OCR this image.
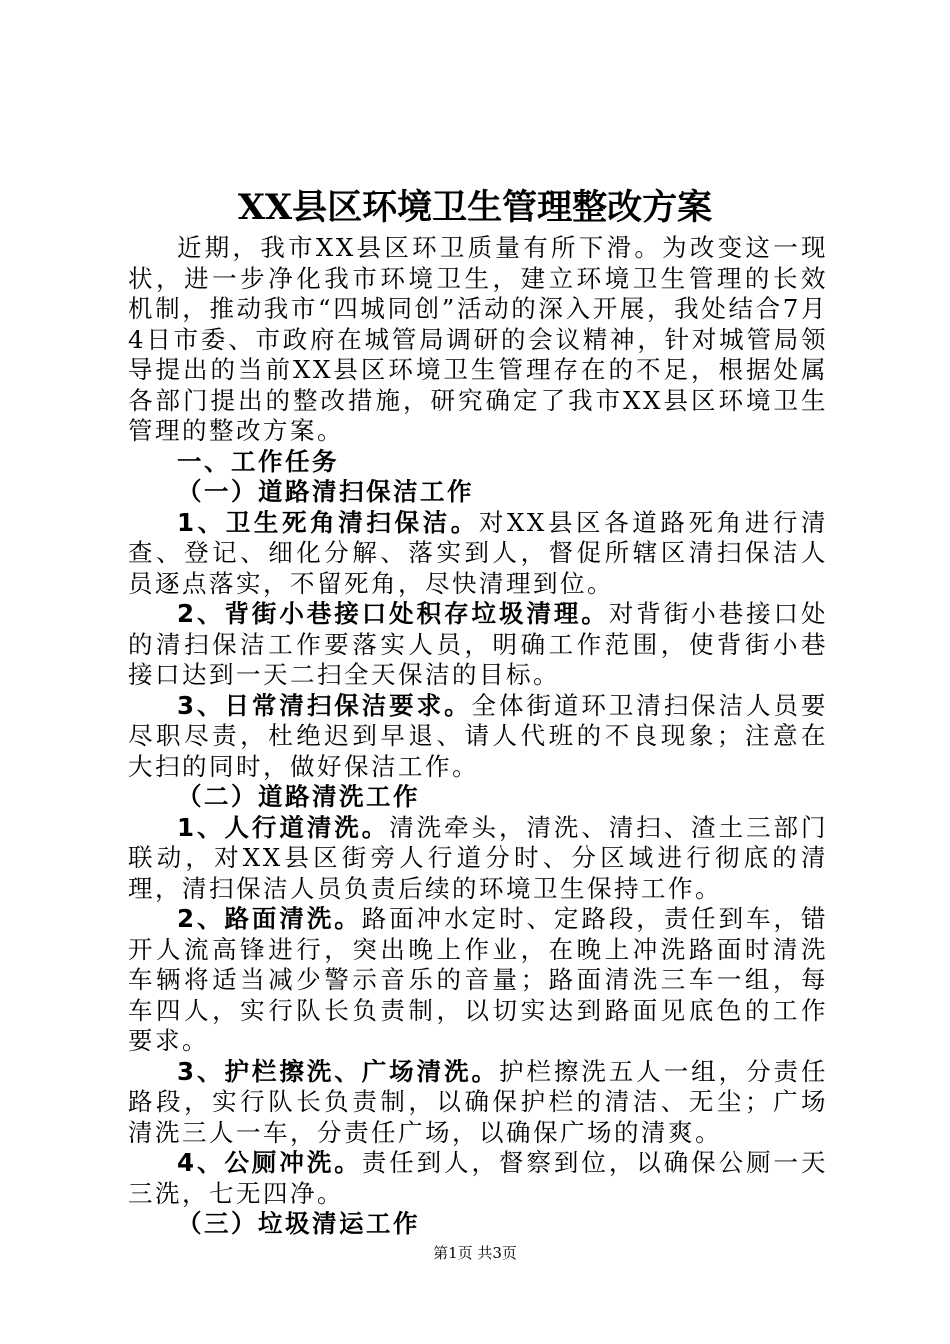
XX县区环境卫生管理整改方案

近期，我市XX县区环卫质量有所下滑。为改变这一现状，进一步净化我市环境卫生，建立环境卫生管理的长效机制，推动我市“四城同创”活动的深入开展，我处结合7月4日市委、市政府在城管局调研的会议精神，针对城管局领导提出的当前XX县区环境卫生管理存在的不足，根据处属各部门提出的整改措施，研究确定了我市XX县区环境卫生管理的整改方案。

一、工作任务

（一）道路清扫保洁工作

1、卫生死角清扫保洁。对XX县区各道路死角进行清查、登记、细化分解、落实到人，督促所辖区清扫保洁人员逐点落实，不留死角，尽快清理到位。

2、背街小巷接口处积存垃圾清理。对背街小巷接口处的清扫保洁工作要落实人员，明确工作范围，使背街小巷接口达到一天二扫全天保洁的目标。

3、日常清扫保洁要求。全体街道环卫清扫保洁人员要尽职尽责，杜绝迟到早退、请人代班的不良现象；注意在大扫的同时，做好保洁工作。

（二）道路清洗工作

1、人行道清洗。清洗牵头，清洗、清扫、渣土三部门联动，对XX县区街旁人行道分时、分区域进行彻底的清理，清扫保洁人员负责后续的环境卫生保持工作。

2、路面清洗。路面冲水定时、定路段，责任到车，错开人流高锋进行，突出晚上作业，在晚上冲洗路面时清洗车辆将适当减少警示音乐的音量；路面清洗三车一组，每车四人，实行队长负责制，以切实达到路面见底色的工作要求。

3、护栏擦洗、广场清洗。护栏擦洗五人一组，分责任路段，实行队长负责制，以确保护栏的清洁、无尘；广场清洗三人一车，分责任广场，以确保广场的清爽。

4、公厕冲洗。责任到人，督察到位，以确保公厕一天三洗，七无四净。

（三）垃圾清运工作

第1页 共3页
